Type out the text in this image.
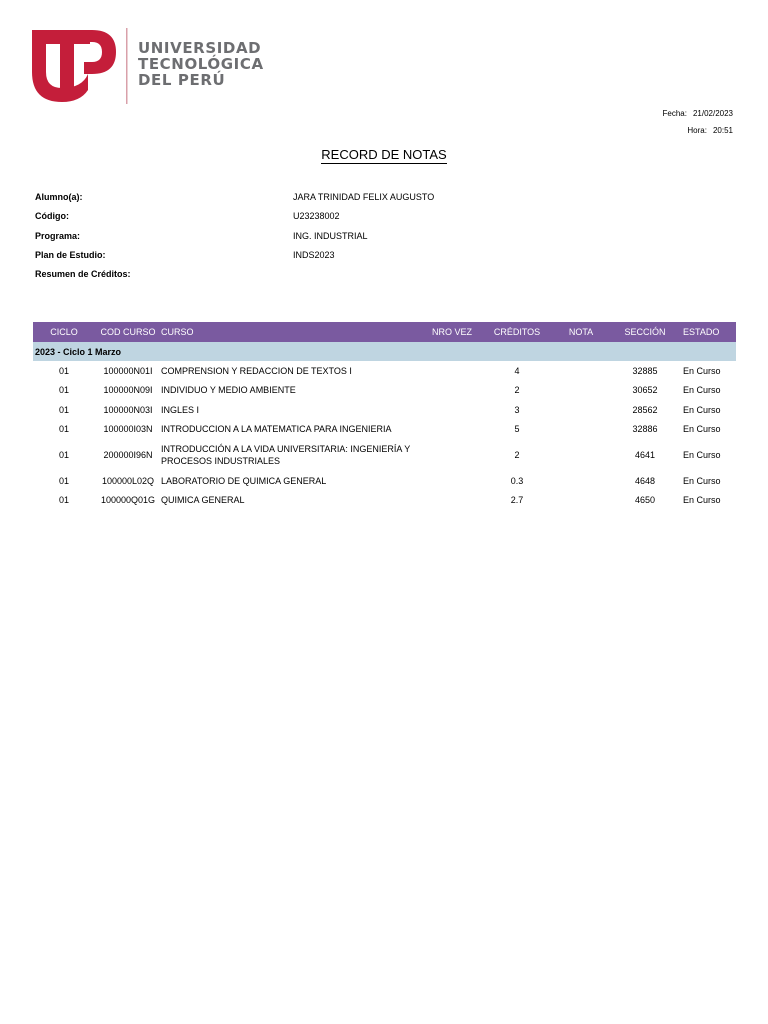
UNIVERSIDAD
TECNOLÓGICA
DEL PERÚ
Fecha: 21/02/2023
Hora: 20:51
RECORD DE NOTAS
Alumno(a):	JARA TRINIDAD FELIX AUGUSTO
Código:	U23238002
Programa:	ING. INDUSTRIAL
Plan de Estudio:	INDS2023
Resumen de Créditos:
CICLO	COD CURSO	CURSO	NRO VEZ	CRÉDITOS	NOTA	SECCIÓN	ESTADO
2023 - Ciclo 1 Marzo							
01	100000N01I	COMPRENSION Y REDACCION DE TEXTOS I		4		32885	En Curso
01	100000N09I	INDIVIDUO Y MEDIO AMBIENTE		2		30652	En Curso
01	100000N03I	INGLES I		3		28562	En Curso
01	100000I03N	INTRODUCCION A LA MATEMATICA PARA INGENIERIA		5		32886	En Curso
01	200000I96N	INTRODUCCIÓN A LA VIDA UNIVERSITARIA: INGENIERÍA Y PROCESOS INDUSTRIALES		2		4641	En Curso
01	100000L02Q	LABORATORIO DE QUIMICA GENERAL		0.3		4648	En Curso
01	100000Q01G	QUIMICA GENERAL		2.7		4650	En Curso
